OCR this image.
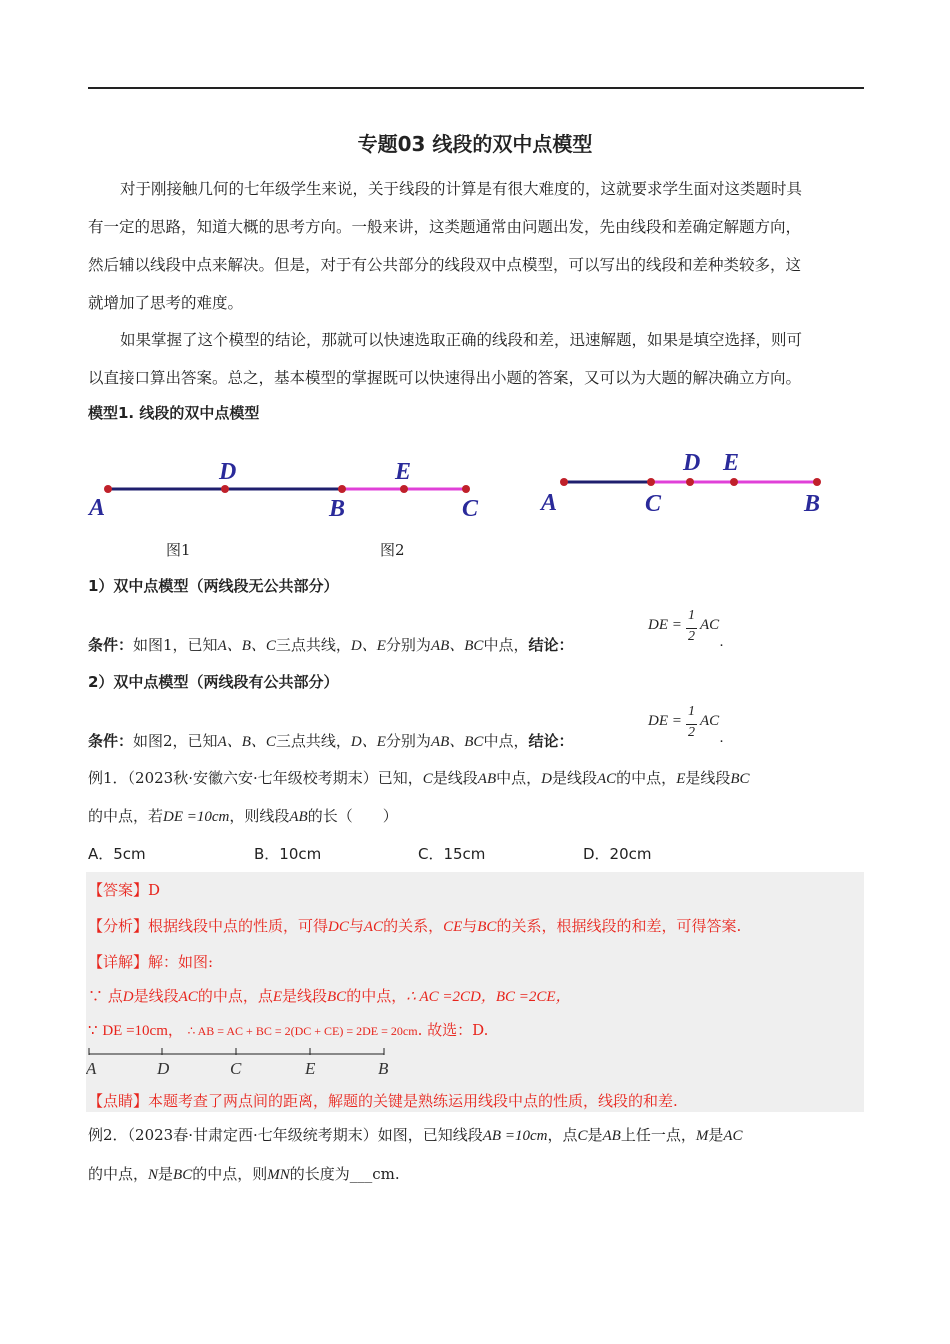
专题03 线段的双中点模型
对于刚接触几何的七年级学生来说，关于线段的计算是有很大难度的，这就要求学生面对这类题时具
有一定的思路，知道大概的思考方向。一般来讲，这类题通常由问题出发，先由线段和差确定解题方向，
然后辅以线段中点来解决。但是，对于有公共部分的线段双中点模型，可以写出的线段和差种类较多，这
就增加了思考的难度。
如果掌握了这个模型的结论，那就可以快速选取正确的线段和差，迅速解题，如果是填空选择，则可
以直接口算出答案。总之，基本模型的掌握既可以快速得出小题的答案，又可以为大题的解决确立方向。
模型1. 线段的双中点模型
A
D
B
E
C	A	C
D E
B
图1	图2
1）双中点模型（两线段无公共部分）
条件：如图1，已知A、B、C三点共线，D、E分别为AB、BC中点，结论：
DE =
1
2
AC
.
2）双中点模型（两线段有公共部分）
条件：如图2，已知A、B、C三点共线，D、E分别为AB、BC中点，结论：
DE =
1
2
AC
.
例1．（2023秋·安徽六安·七年级校考期末）已知，C是线段AB中点，D是线段AC的中点，E是线段BC
的中点，若DE =10cm，则线段AB的长（　　）
A．5cm	B．10cm	C．15cm	D．20cm
【答案】D
【分析】根据线段中点的性质，可得DC与AC的关系，CE与BC的关系，根据线段的和差，可得答案.
【详解】解：如图:
∵ 点D是线段AC的中点，点E是线段BC的中点，∴ AC =2CD，BC =2CE，
∵ DE =10cm， ∴ AB = AC + BC = 2(DC + CE) = 2DE = 20cm. 故选：D.
A	D	C	E	B
【点睛】本题考查了两点间的距离，解题的关键是熟练运用线段中点的性质，线段的和差.
例2．（2023春·甘肃定西·七年级统考期末）如图，已知线段AB =10cm，点C是AB上任一点，M是AC
的中点，N是BC的中点，则MN的长度为___cm.
